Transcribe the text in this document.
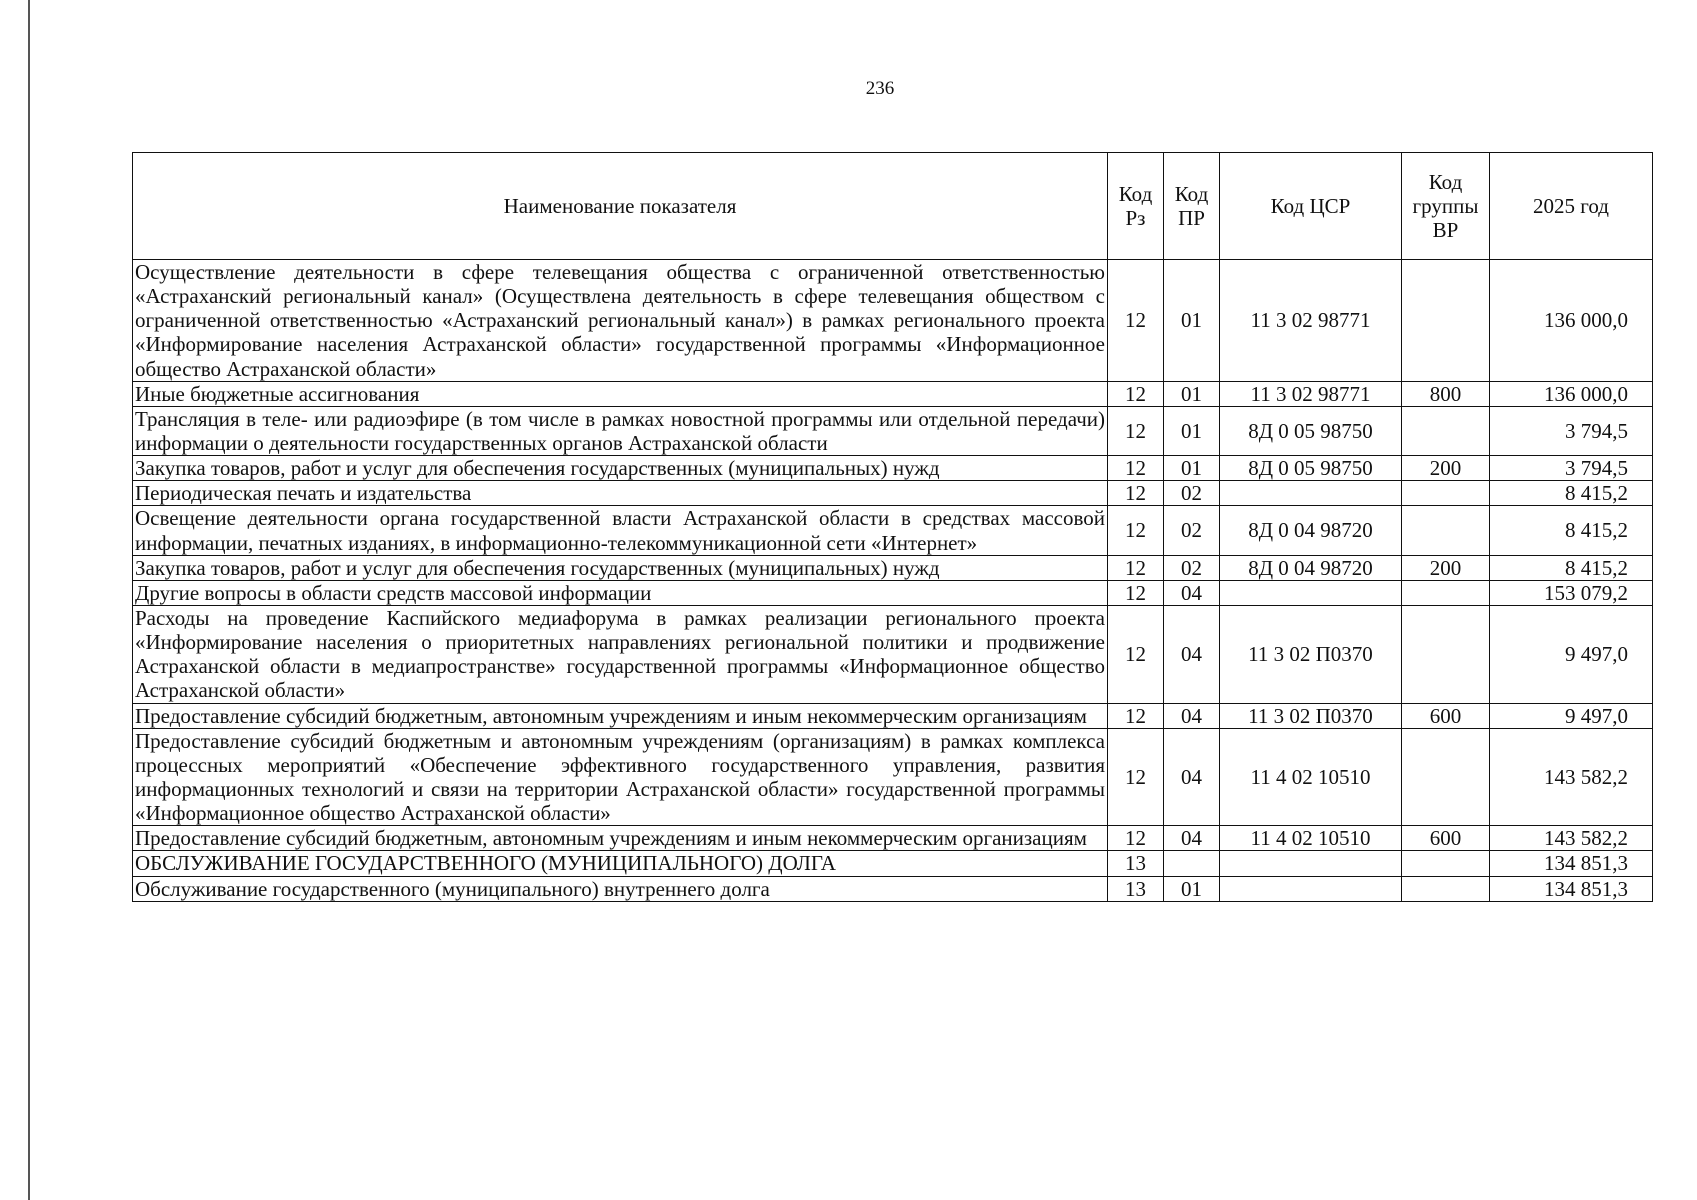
236
Наименование показателя	Код Рз	Код ПР	Код ЦСР	Код группы ВР	2025 год
Осуществление деятельности в сфере телевещания общества с ограниченной ответственностью «Астраханский региональный канал» (Осуществлена деятельность в сфере телевещания обществом с ограниченной ответственностью «Астраханский региональный канал») в рамках регионального проекта «Информирование населения Астраханской области» государственной программы «Информационное общество Астраханской области»	12	01	11 3 02 98771		136 000,0
Иные бюджетные ассигнования	12	01	11 3 02 98771	800	136 000,0
Трансляция в теле- или радиоэфире (в том числе в рамках новостной программы или отдельной передачи) информации о деятельности государственных органов Астраханской области	12	01	8Д 0 05 98750		3 794,5
Закупка товаров, работ и услуг для обеспечения государственных (муниципальных) нужд	12	01	8Д 0 05 98750	200	3 794,5
Периодическая печать и издательства	12	02			8 415,2
Освещение деятельности органа государственной власти Астраханской области в средствах массовой информации, печатных изданиях, в информационно-телекоммуникационной сети «Интернет»	12	02	8Д 0 04 98720		8 415,2
Закупка товаров, работ и услуг для обеспечения государственных (муниципальных) нужд	12	02	8Д 0 04 98720	200	8 415,2
Другие вопросы в области средств массовой информации	12	04			153 079,2
Расходы на проведение Каспийского медиафорума в рамках реализации регионального проекта «Информирование населения о приоритетных направлениях региональной политики и продвижение Астраханской области в медиапространстве» государственной программы «Информационное общество Астраханской области»	12	04	11 3 02 П0370		9 497,0
Предоставление субсидий бюджетным, автономным учреждениям и иным некоммерческим организациям	12	04	11 3 02 П0370	600	9 497,0
Предоставление субсидий бюджетным и автономным учреждениям (организациям) в рамках комплекса процессных мероприятий «Обеспечение эффективного государственного управления, развития информационных технологий и связи на территории Астраханской области» государственной программы «Информационное общество Астраханской области»	12	04	11 4 02 10510		143 582,2
Предоставление субсидий бюджетным, автономным учреждениям и иным некоммерческим организациям	12	04	11 4 02 10510	600	143 582,2
ОБСЛУЖИВАНИЕ ГОСУДАРСТВЕННОГО (МУНИЦИПАЛЬНОГО) ДОЛГА	13				134 851,3
Обслуживание государственного (муниципального) внутреннего долга	13	01			134 851,3
